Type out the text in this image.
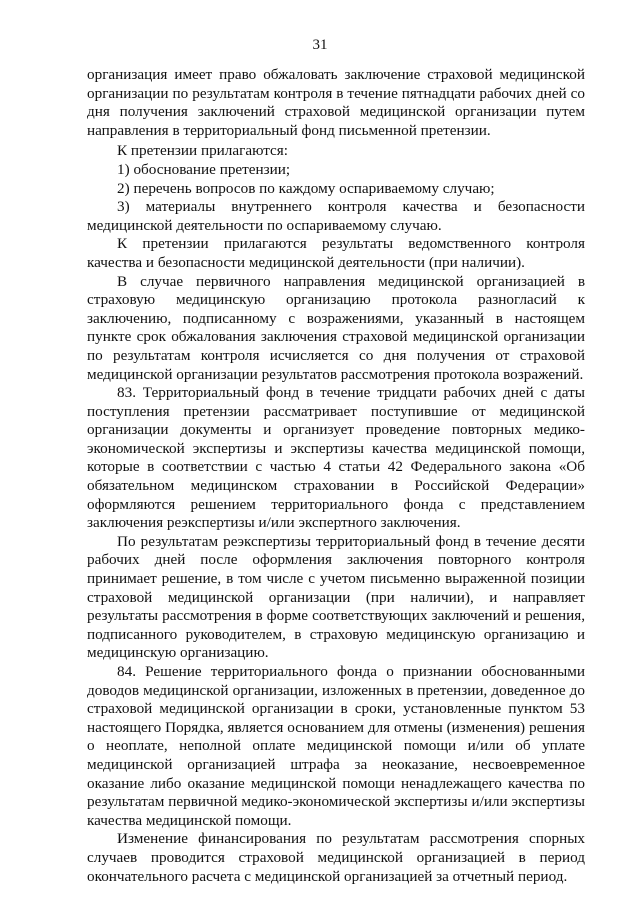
31

организация имеет право обжаловать заключение страховой медицинской организации по результатам контроля в течение пятнадцати рабочих дней со дня получения заключений страховой медицинской организации путем направления в территориальный фонд письменной претензии.

К претензии прилагаются:

1) обоснование претензии;

2) перечень вопросов по каждому оспариваемому случаю;

3) материалы внутреннего контроля качества и безопасности медицинской деятельности по оспариваемому случаю.

К претензии прилагаются результаты ведомственного контроля качества и безопасности медицинской деятельности (при наличии).

В случае первичного направления медицинской организацией в страховую медицинскую организацию протокола разногласий к заключению, подписанному с возражениями, указанный в настоящем пункте срок обжалования заключения страховой медицинской организации по результатам контроля исчисляется со дня получения от страховой медицинской организации результатов рассмотрения протокола возражений.

83. Территориальный фонд в течение тридцати рабочих дней с даты поступления претензии рассматривает поступившие от медицинской организации документы и организует проведение повторных медико-экономической экспертизы и экспертизы качества медицинской помощи, которые в соответствии с частью 4 статьи 42 Федерального закона «Об обязательном медицинском страховании в Российской Федерации» оформляются решением территориального фонда с представлением заключения реэкспертизы и/или экспертного заключения.

По результатам реэкспертизы территориальный фонд в течение десяти рабочих дней после оформления заключения повторного контроля принимает решение, в том числе с учетом письменно выраженной позиции страховой медицинской организации (при наличии), и направляет результаты рассмотрения в форме соответствующих заключений и решения, подписанного руководителем, в страховую медицинскую организацию и медицинскую организацию.

84. Решение территориального фонда о признании обоснованными доводов медицинской организации, изложенных в претензии, доведенное до страховой медицинской организации в сроки, установленные пунктом 53 настоящего Порядка, является основанием для отмены (изменения) решения о неоплате, неполной оплате медицинской помощи и/или об уплате медицинской организацией штрафа за неоказание, несвоевременное оказание либо оказание медицинской помощи ненадлежащего качества по результатам первичной медико-экономической экспертизы и/или экспертизы качества медицинской помощи.

Изменение финансирования по результатам рассмотрения спорных случаев проводится страховой медицинской организацией в период окончательного расчета с медицинской организацией за отчетный период.
